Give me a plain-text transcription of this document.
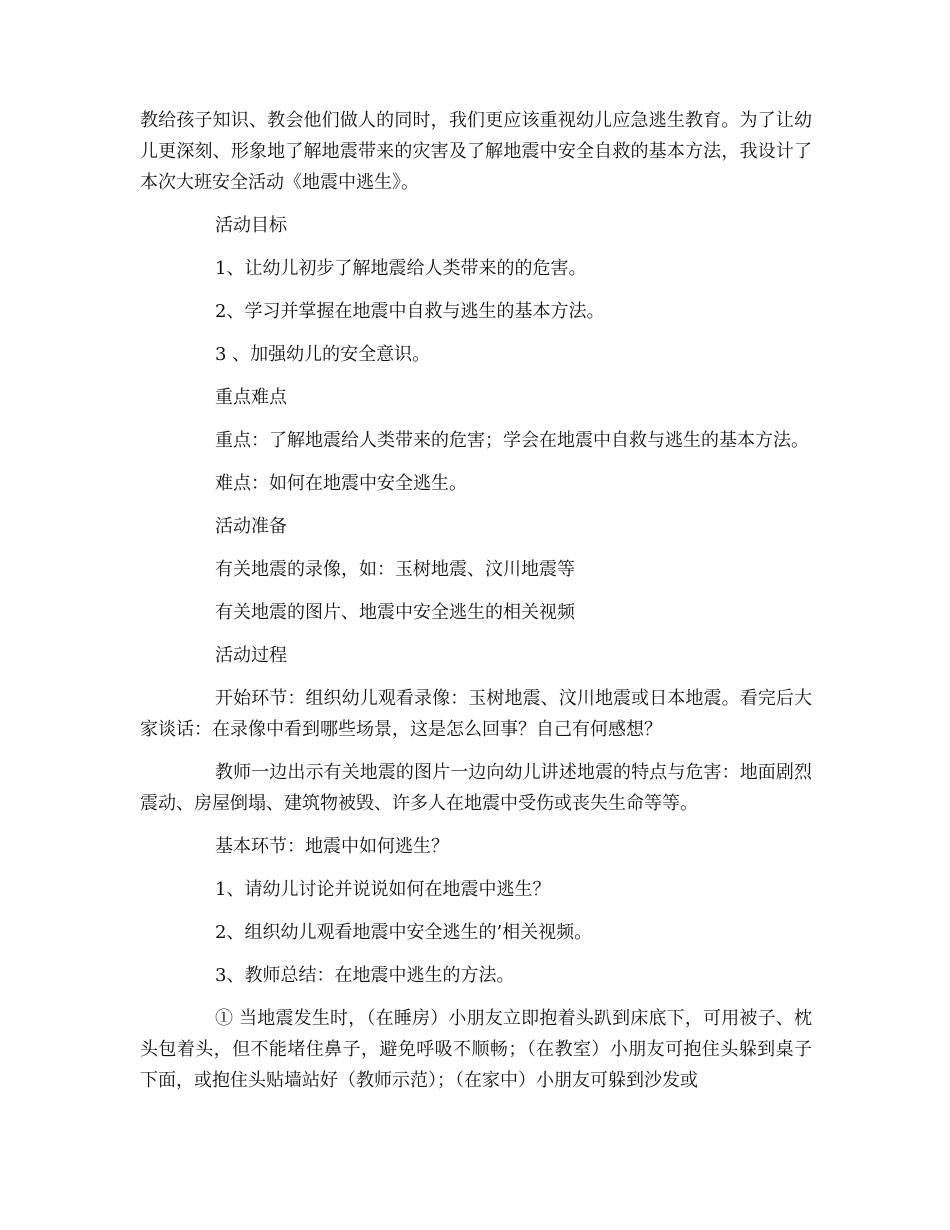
教给孩子知识、教会他们做人的同时，我们更应该重视幼儿应急逃生教育。为了让幼儿更深刻、形象地了解地震带来的灾害及了解地震中安全自救的基本方法，我设计了本次大班安全活动《地震中逃生》。

活动目标

1、让幼儿初步了解地震给人类带来的的危害。

2、学习并掌握在地震中自救与逃生的基本方法。

3 、加强幼儿的安全意识。

重点难点

重点：了解地震给人类带来的危害；学会在地震中自救与逃生的基本方法。

难点：如何在地震中安全逃生。

活动准备

有关地震的录像，如：玉树地震、汶川地震等

有关地震的图片、地震中安全逃生的相关视频

活动过程

开始环节：组织幼儿观看录像：玉树地震、汶川地震或日本地震。看完后大家谈话：在录像中看到哪些场景，这是怎么回事？自己有何感想？

教师一边出示有关地震的图片一边向幼儿讲述地震的特点与危害：地面剧烈震动、房屋倒塌、建筑物被毁、许多人在地震中受伤或丧失生命等等。

基本环节：地震中如何逃生？

1、请幼儿讨论并说说如何在地震中逃生？

2、组织幼儿观看地震中安全逃生的’相关视频。

3、教师总结：在地震中逃生的方法。

① 当地震发生时，（在睡房）小朋友立即抱着头趴到床底下，可用被子、枕头包着头，但不能堵住鼻子，避免呼吸不顺畅；（在教室）小朋友可抱住头躲到桌子下面，或抱住头贴墙站好（教师示范）；（在家中）小朋友可躲到沙发或
